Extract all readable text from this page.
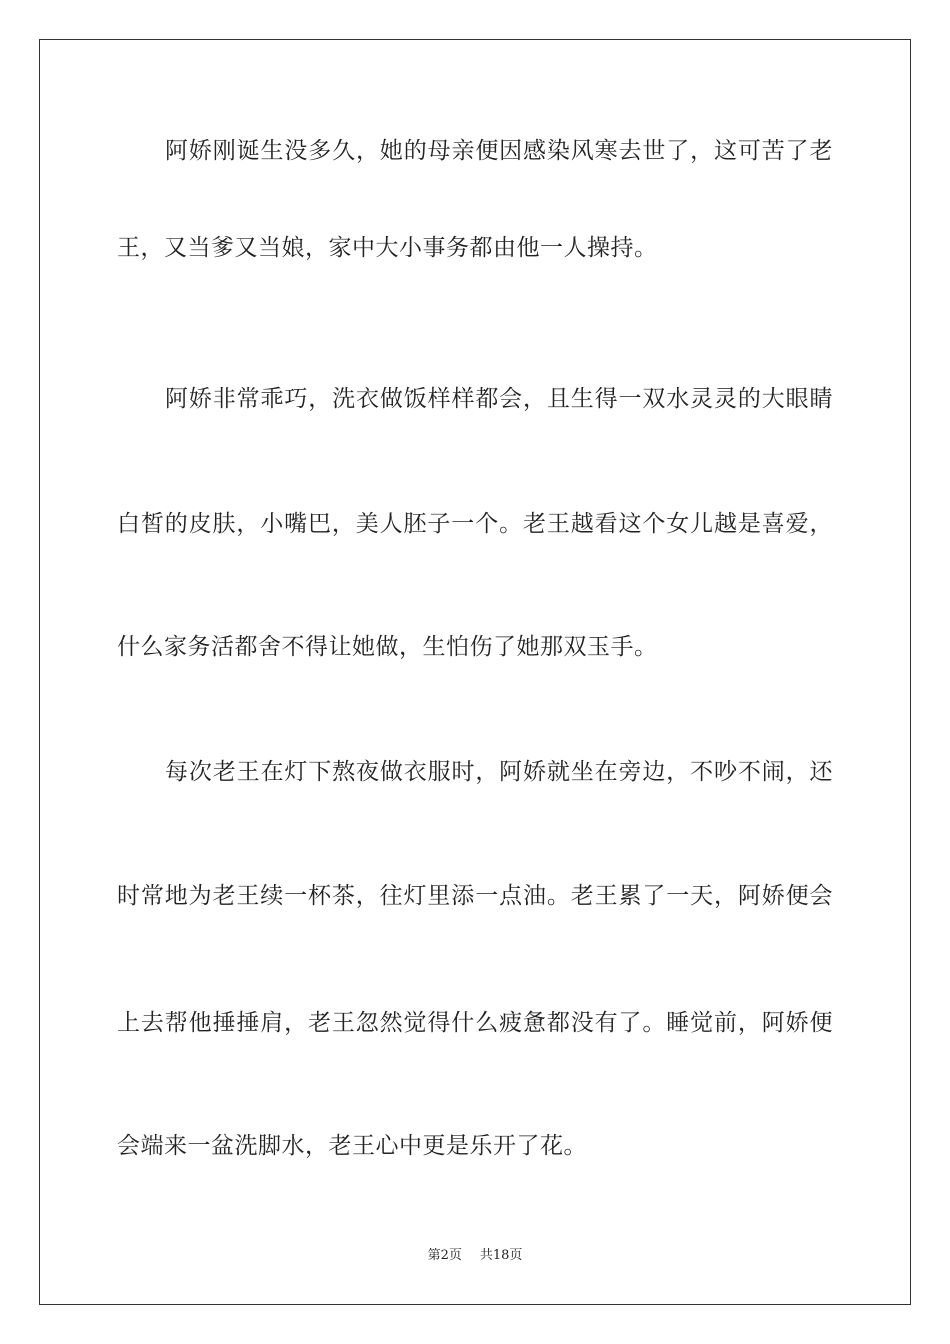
阿娇刚诞生没多久，她的母亲便因感染风寒去世了，这可苦了老
王，又当爹又当娘，家中大小事务都由他一人操持。
阿娇非常乖巧，洗衣做饭样样都会，且生得一双水灵灵的大眼睛
白皙的皮肤，小嘴巴，美人胚子一个。老王越看这个女儿越是喜爱，
什么家务活都舍不得让她做，生怕伤了她那双玉手。
每次老王在灯下熬夜做衣服时，阿娇就坐在旁边，不吵不闹，还
时常地为老王续一杯茶，往灯里添一点油。老王累了一天，阿娇便会
上去帮他捶捶肩，老王忽然觉得什么疲惫都没有了。睡觉前，阿娇便
会端来一盆洗脚水，老王心中更是乐开了花。
第2页 共18页
